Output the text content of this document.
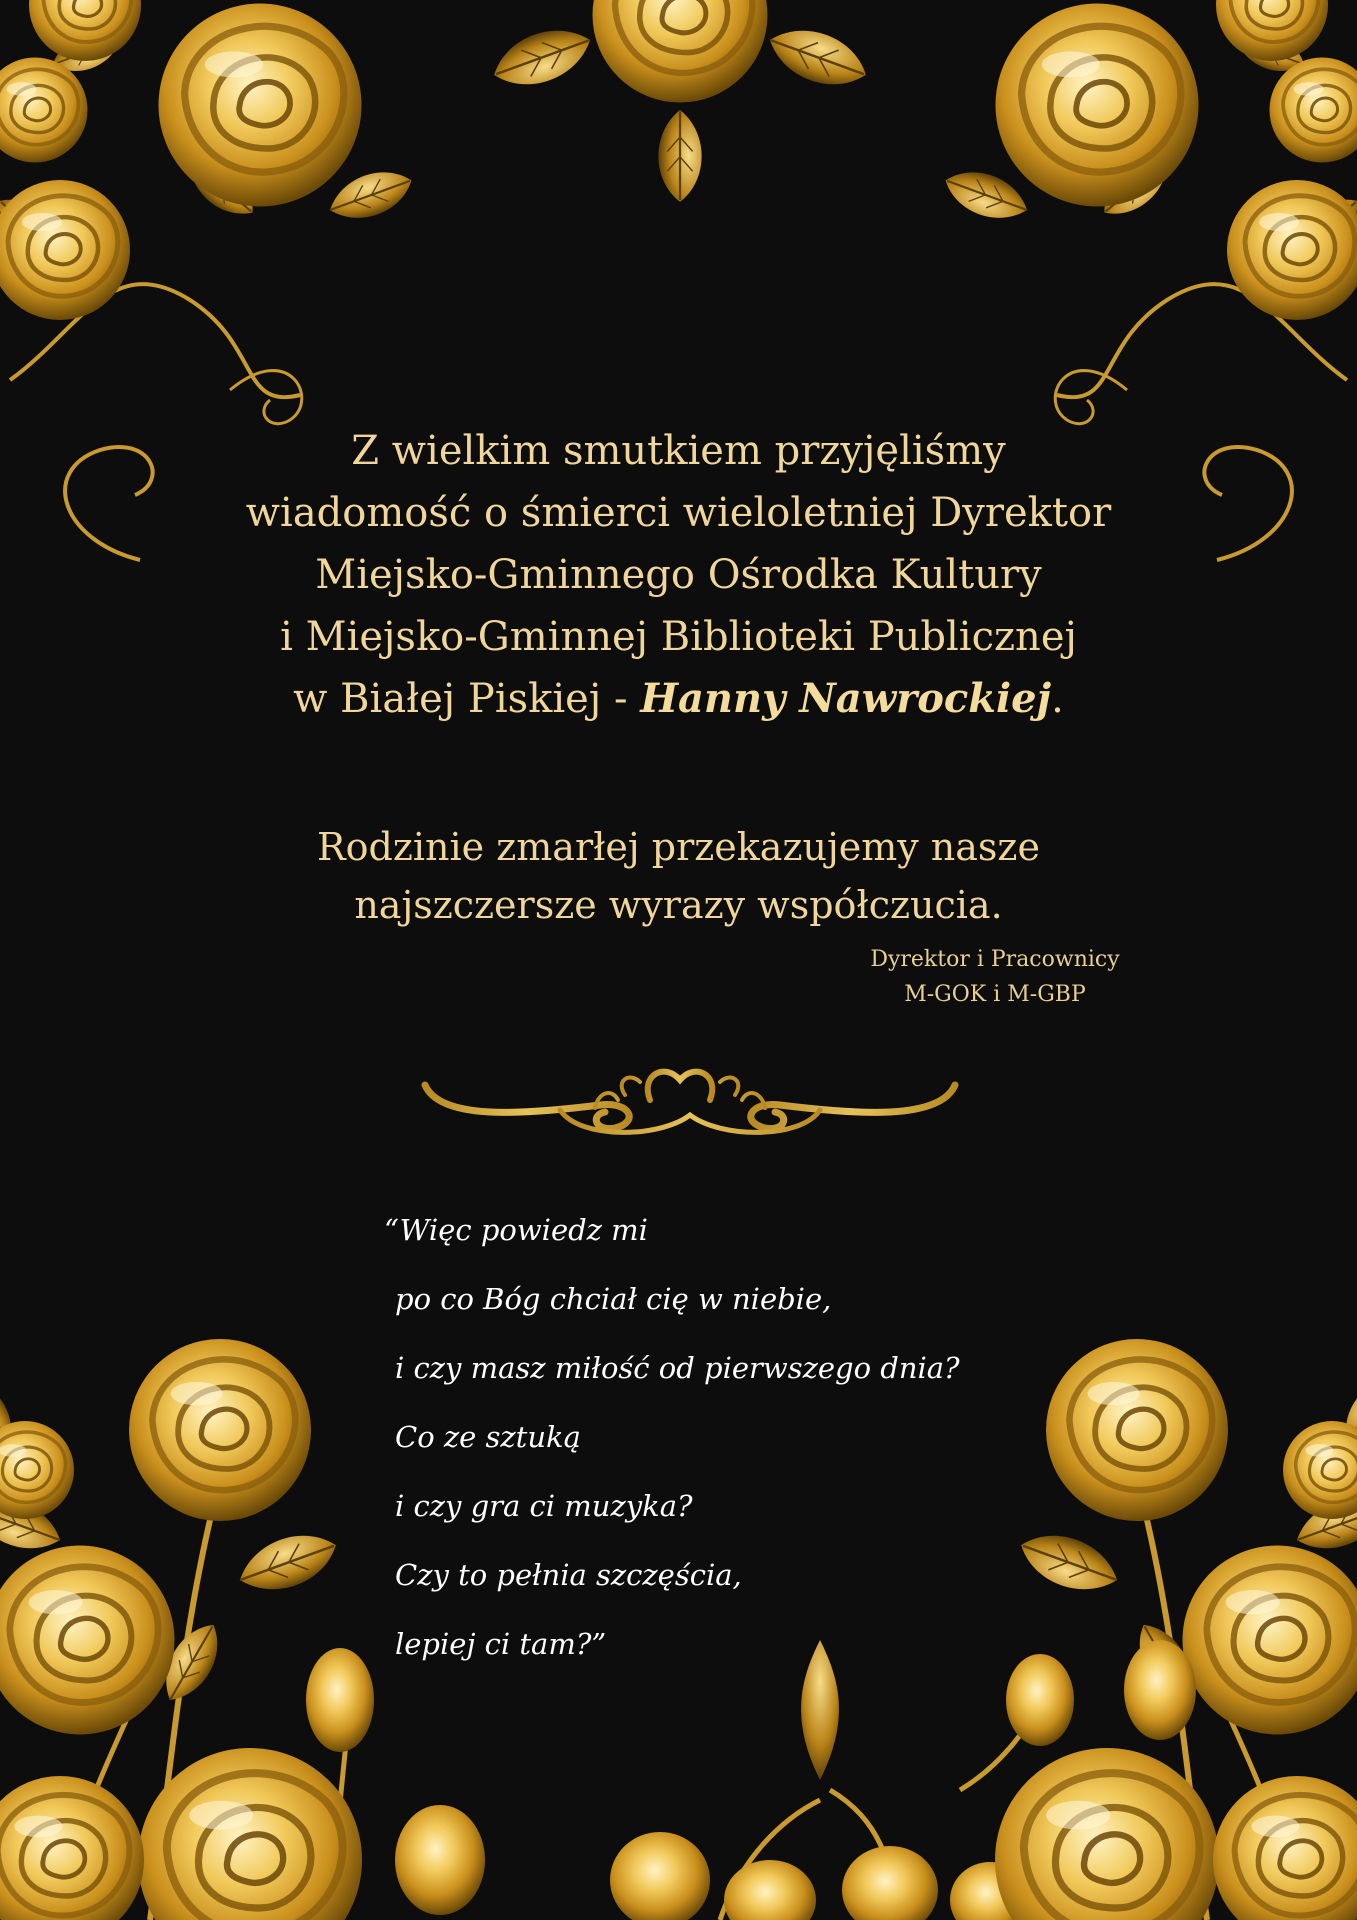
Z wielkim smutkiem przyjęliśmy
wiadomość o śmierci wieloletniej Dyrektor
Miejsko-Gminnego Ośrodka Kultury
i Miejsko-Gminnej Biblioteki Publicznej
w Białej Piskiej - Hanny Nawrockiej.

Rodzinie zmarłej przekazujemy nasze
najszczersze wyrazy współczucia.

Dyrektor i Pracownicy
M-GOK i M-GBP
“Więc powiedz mi
po co Bóg chciał cię w niebie,
i czy masz miłość od pierwszego dnia?
Co ze sztuką
i czy gra ci muzyka?
Czy to pełnia szczęścia,
lepiej ci tam?”
